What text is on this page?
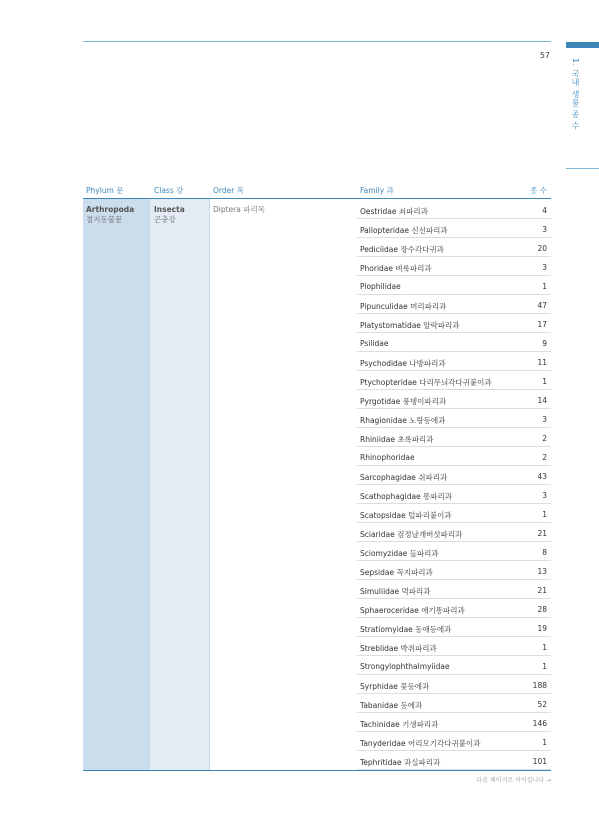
57
1. 국내 생물 종 수
Phylum 문	Class 강	Order 목	Family 과	종 수
Arthropoda
절지동물문
Insecta
곤충강
Diptera 파리목	Oestridae 쇠파리과	4
Pallopteridae 신선파리과	3
Pediciidae 장수각다귀과	20
Phoridae 벼룩파리과	3
Piophilidae	1
Pipunculidae 머리파리과	47
Platystomatidae 알락파리과	17
Psilidae	9
Psychodidae 나방파리과	11
Ptychopteridae 다리무늬각다귀붙이과	1
Pyrgotidae 풍뎅이파리과	14
Rhagionidae 노랑등에과	3
Rhiniidae 초록파리과	2
Rhinophoridae	2
Sarcophagidae 쉬파리과	43
Scathophagidae 똥파리과	3
Scatopsidae 털파리붙이과	1
Sciaridae 검정날개버섯파리과	21
Sciomyzidae 들파리과	8
Sepsidae 꼭지파리과	13
Simuliidae 먹파리과	21
Sphaeroceridae 애기똥파리과	28
Stratiomyidae 동애등에과	19
Streblidae 박쥐파리과	1
Strongylophthalmyiidae	1
Syrphidae 꽃등에과	188
Tabanidae 등에과	52
Tachinidae 기생파리과	146
Tanyderidae 어리모기각다귀붙이과	1
Tephritidae 과실파리과	101
다음 페이지로 이어집니다 →
